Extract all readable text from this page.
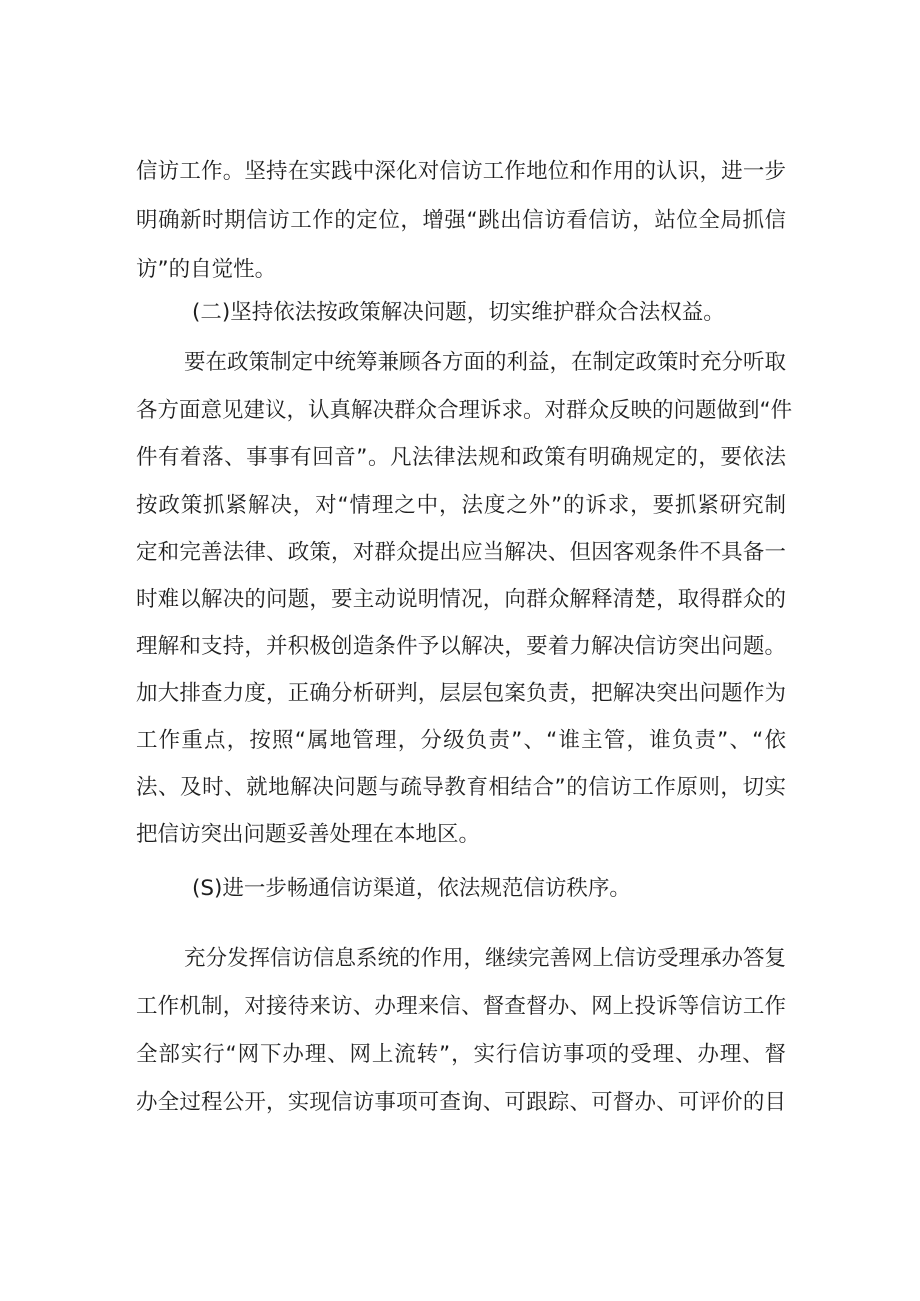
信访工作。坚持在实践中深化对信访工作地位和作用的认识，进一步

明确新时期信访工作的定位，增强“跳出信访看信访，站位全局抓信

访”的自觉性。

(二)坚持依法按政策解决问题，切实维护群众合法权益。

要在政策制定中统筹兼顾各方面的利益，在制定政策时充分听取

各方面意见建议，认真解决群众合理诉求。对群众反映的问题做到“件

件有着落、事事有回音”。凡法律法规和政策有明确规定的，要依法

按政策抓紧解决，对“情理之中，法度之外”的诉求，要抓紧研究制

定和完善法律、政策，对群众提出应当解决、但因客观条件不具备一

时难以解决的问题，要主动说明情况，向群众解释清楚，取得群众的

理解和支持，并积极创造条件予以解决，要着力解决信访突出问题。

加大排查力度，正确分析研判，层层包案负责，把解决突出问题作为

工作重点，按照“属地管理，分级负责”、“谁主管，谁负责”、“依

法、及时、就地解决问题与疏导教育相结合”的信访工作原则，切实

把信访突出问题妥善处理在本地区。

(S)进一步畅通信访渠道，依法规范信访秩序。

充分发挥信访信息系统的作用，继续完善网上信访受理承办答复

工作机制，对接待来访、办理来信、督查督办、网上投诉等信访工作

全部实行“网下办理、网上流转”，实行信访事项的受理、办理、督

办全过程公开，实现信访事项可查询、可跟踪、可督办、可评价的目
